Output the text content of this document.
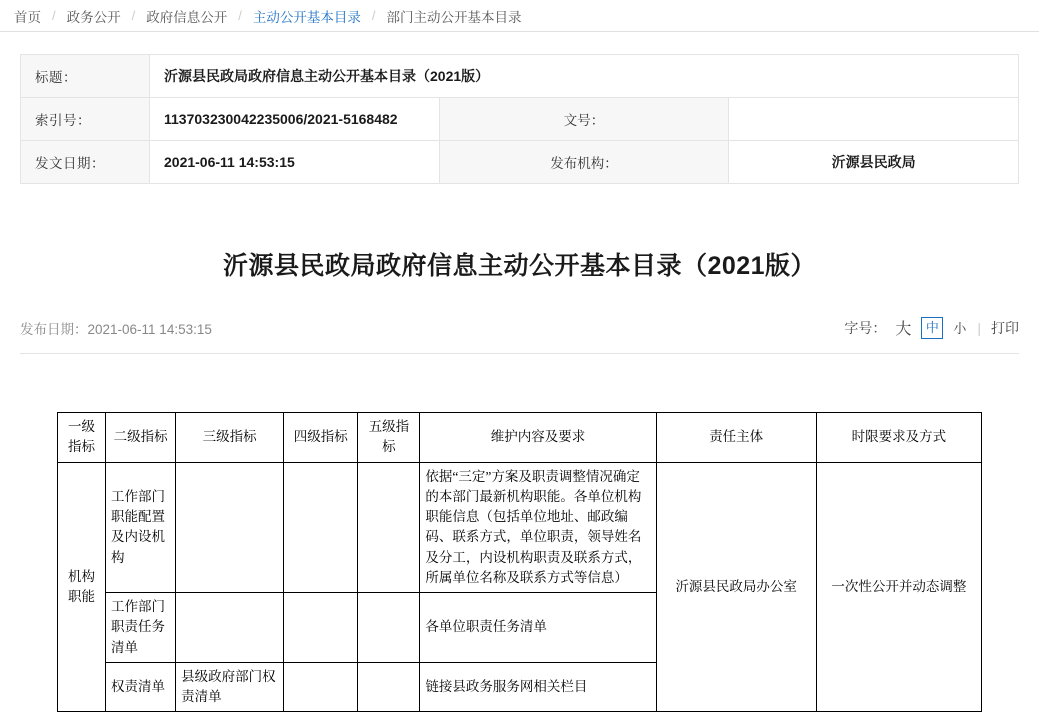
首页 / 政务公开 / 政府信息公开 / 主动公开基本目录 / 部门主动公开基本目录
标题：	沂源县民政局政府信息主动公开基本目录（2021版）		
索引号：	113703230042235006/2021-5168482	文号：	
发文日期：	2021-06-11 14:53:15	发布机构：	沂源县民政局
沂源县民政局政府信息主动公开基本目录（2021版）
发布日期：2021-06-11 14:53:15	字号： 大	中	小 | 打印
一级指标	二级指标	三级指标	四级指标	五级指标	维护内容及要求	责任主体	时限要求及方式
机构职能	工作部门职能配置及内设机构				依据“三定”方案及职责调整情况确定的本部门最新机构职能。各单位机构职能信息（包括单位地址、邮政编码、联系方式，单位职责，领导姓名及分工，内设机构职责及联系方式，所属单位名称及联系方式等信息）	沂源县民政局办公室	一次性公开并动态调整
	工作部门职责任务清单				各单位职责任务清单		
	权责清单	县级政府部门权责清单			链接县政务服务网相关栏目		
